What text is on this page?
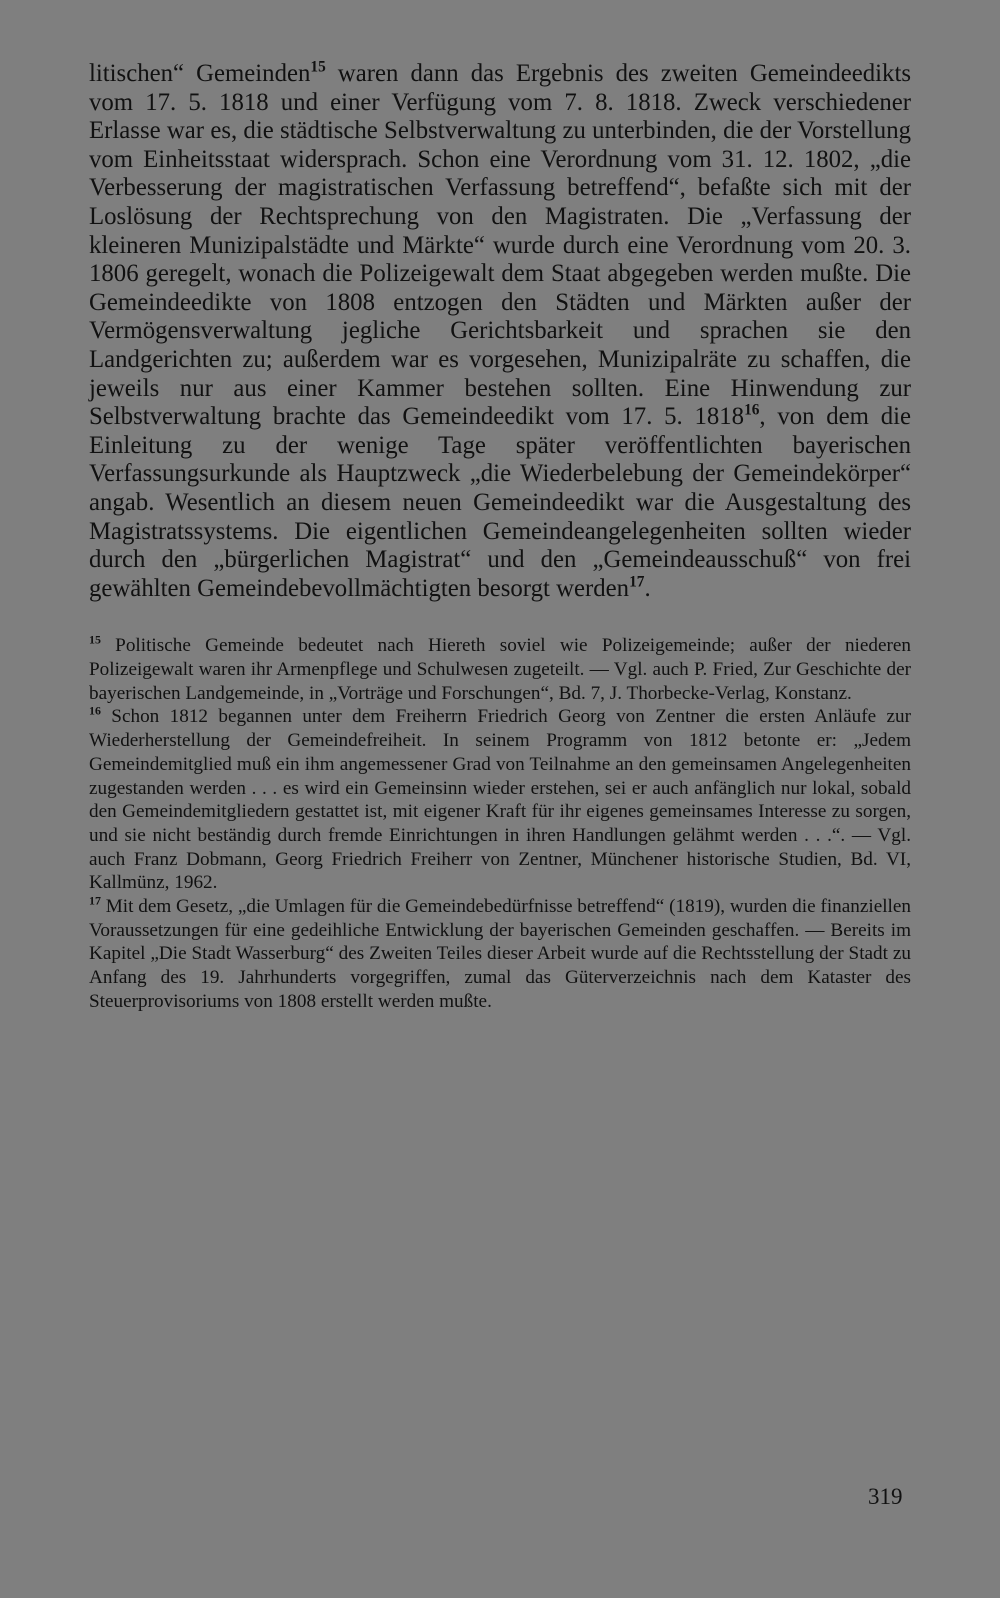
litischen“ Gemeinden$^{15}$ waren dann das Ergebnis des zweiten Gemeindeedikts vom 17. 5. 1818 und einer Verfügung vom 7. 8. 1818. Zweck verschiedener Erlasse war es, die städtische Selbstverwaltung zu unterbinden, die der Vorstellung vom Einheitsstaat widersprach. Schon eine Verordnung vom 31. 12. 1802, „die Verbesserung der magistratischen Verfassung betreffend“, befaßte sich mit der Loslösung der Rechtsprechung von den Magistraten. Die „Verfassung der kleineren Munizipalstädte und Märkte“ wurde durch eine Verordnung vom 20. 3. 1806 geregelt, wonach die Polizeigewalt dem Staat abgegeben werden mußte. Die Gemeindeedikte von 1808 entzogen den Städten und Märkten außer der Vermögensverwaltung jegliche Gerichtsbarkeit und sprachen sie den Landgerichten zu; außerdem war es vorgesehen, Munizipalräte zu schaffen, die jeweils nur aus einer Kammer bestehen sollten. Eine Hinwendung zur Selbstverwaltung brachte das Gemeindeedikt vom 17. 5. 1818$^{16}$, von dem die Einleitung zu der wenige Tage später veröffentlichten bayerischen Verfassungsurkunde als Hauptzweck „die Wiederbelebung der Gemeindekörper“ angab. Wesentlich an diesem neuen Gemeindeedikt war die Ausgestaltung des Magistratssystems. Die eigentlichen Gemeindeangelegenheiten sollten wieder durch den „bürgerlichen Magistrat“ und den „Gemeindeausschuß“ von frei gewählten Gemeindebevollmächtigten besorgt werden$^{17}$.

$^{15}$ Politische Gemeinde bedeutet nach Hiereth soviel wie Polizeigemeinde; außer der niederen Polizeigewalt waren ihr Armenpflege und Schulwesen zugeteilt. — Vgl. auch P. Fried, Zur Geschichte der bayerischen Landgemeinde, in „Vorträge und Forschungen“, Bd. 7, J. Thorbecke-Verlag, Konstanz.

$^{16}$ Schon 1812 begannen unter dem Freiherrn Friedrich Georg von Zentner die ersten Anläufe zur Wiederherstellung der Gemeindefreiheit. In seinem Programm von 1812 betonte er: „Jedem Gemeindemitglied muß ein ihm angemessener Grad von Teilnahme an den gemeinsamen Angelegenheiten zugestanden werden . . . es wird ein Gemeinsinn wieder erstehen, sei er auch anfänglich nur lokal, sobald den Gemeindemitgliedern gestattet ist, mit eigener Kraft für ihr eigenes gemeinsames Interesse zu sorgen, und sie nicht beständig durch fremde Einrichtungen in ihren Handlungen gelähmt werden . . .“. — Vgl. auch Franz Dobmann, Georg Friedrich Freiherr von Zentner, Münchener historische Studien, Bd. VI, Kallmünz, 1962.

$^{17}$ Mit dem Gesetz, „die Umlagen für die Gemeindebedürfnisse betreffend“ (1819), wurden die finanziellen Voraussetzungen für eine gedeihliche Entwicklung der bayerischen Gemeinden geschaffen. — Bereits im Kapitel „Die Stadt Wasserburg“ des Zweiten Teiles dieser Arbeit wurde auf die Rechtsstellung der Stadt zu Anfang des 19. Jahrhunderts vorgegriffen, zumal das Güterverzeichnis nach dem Kataster des Steuerprovisoriums von 1808 erstellt werden mußte.

319
